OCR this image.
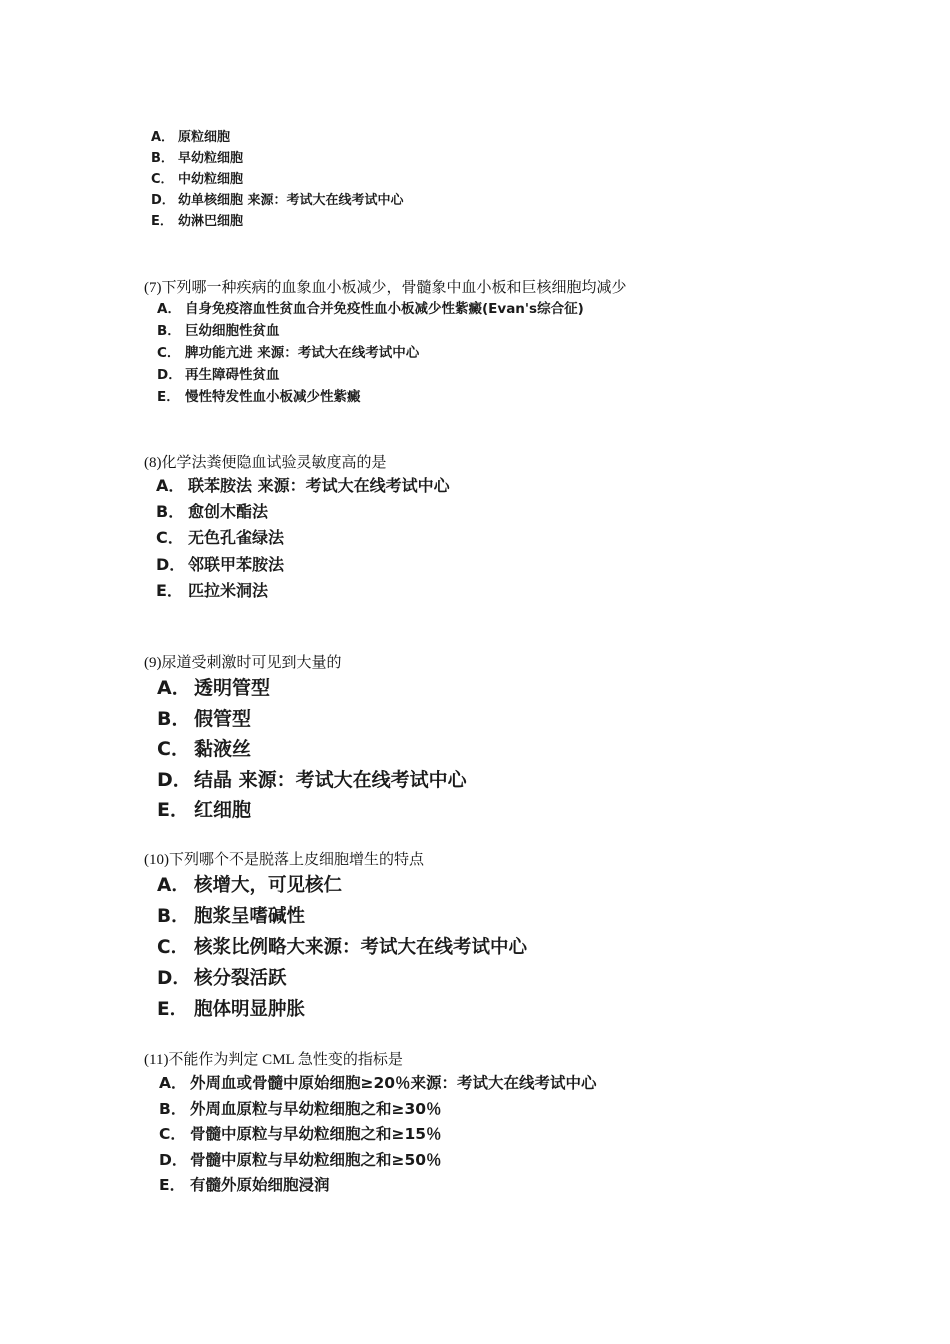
A． 原粒细胞
B． 早幼粒细胞
C． 中幼粒细胞
D． 幼单核细胞 来源：考试大在线考试中心
E． 幼淋巴细胞
(7)下列哪一种疾病的血象血小板减少，骨髓象中血小板和巨核细胞均减少
A． 自身免疫溶血性贫血合并免疫性血小板减少性紫癜(Evan's综合征)
B． 巨幼细胞性贫血
C． 脾功能亢进 来源：考试大在线考试中心
D． 再生障碍性贫血
E． 慢性特发性血小板减少性紫癜
(8)化学法粪便隐血试验灵敏度高的是
A． 联苯胺法 来源：考试大在线考试中心
B． 愈创木酯法
C． 无色孔雀绿法
D． 邻联甲苯胺法
E． 匹拉米洞法
(9)尿道受刺激时可见到大量的
A． 透明管型
B． 假管型
C． 黏液丝
D． 结晶 来源：考试大在线考试中心
E． 红细胞
(10)下列哪个不是脱落上皮细胞增生的特点
A． 核增大，可见核仁
B． 胞浆呈嗜碱性
C． 核浆比例略大来源：考试大在线考试中心
D． 核分裂活跃
E． 胞体明显肿胀
(11)不能作为判定 CML 急性变的指标是
A． 外周血或骨髓中原始细胞≥20％来源：考试大在线考试中心
B． 外周血原粒与早幼粒细胞之和≥30％
C． 骨髓中原粒与早幼粒细胞之和≥15％
D． 骨髓中原粒与早幼粒细胞之和≥50％
E． 有髓外原始细胞浸润
